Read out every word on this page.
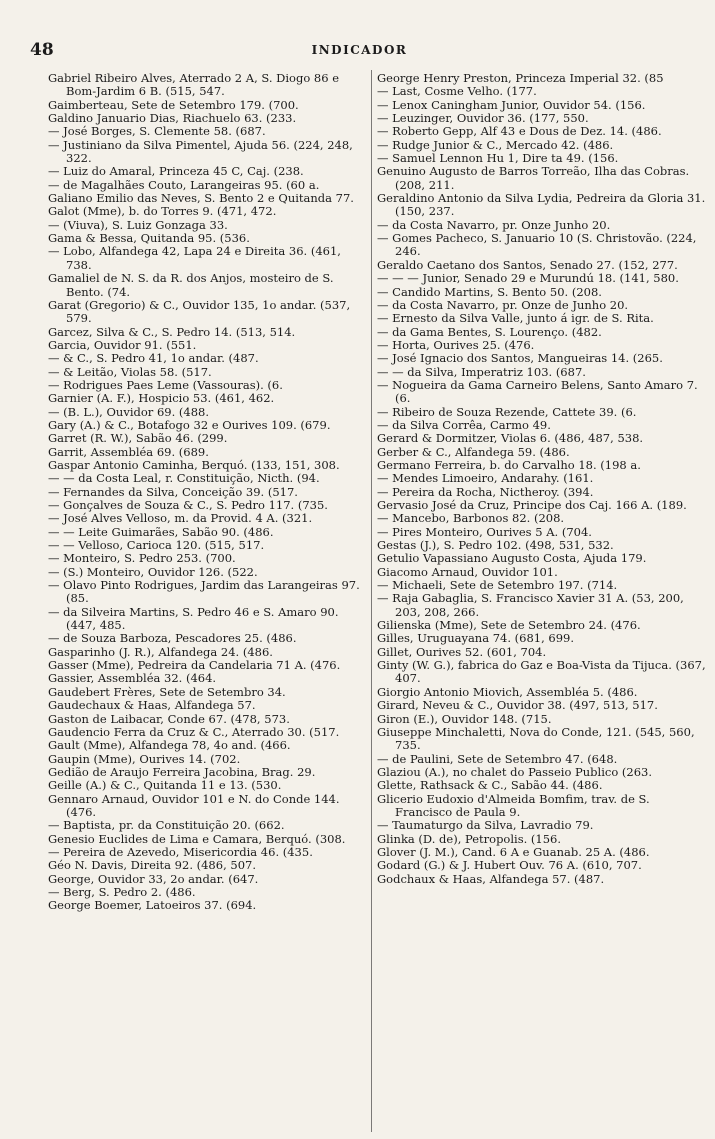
48	INDICADOR
Gabriel Ribeiro Alves, Aterrado 2 A, S. Diogo 86 e Bom-Jardim 6 B. (515, 547.
Gaimberteau, Sete de Setembro 179. (700.
Galdino Januario Dias, Riachuelo 63. (233.
— José Borges, S. Clemente 58. (687.
— Justiniano da Silva Pimentel, Ajuda 56. (224, 248, 322.
— Luiz do Amaral, Princeza 45 C, Caj. (238.
— de Magalhães Couto, Larangeiras 95. (60 a.
Galiano Emilio das Neves, S. Bento 2 e Quitanda 77.
Galot (Mme), b. do Torres 9. (471, 472.
— (Viuva), S. Luiz Gonzaga 33.
Gama & Bessa, Quitanda 95. (536.
— Lobo, Alfandega 42, Lapa 24 e Direita 36. (461, 738.
Gamaliel de N. S. da R. dos Anjos, mosteiro de S. Bento. (74.
Garat (Gregorio) & C., Ouvidor 135, 1o andar. (537, 579.
Garcez, Silva & C., S. Pedro 14. (513, 514.
Garcia, Ouvidor 91. (551.
— & C., S. Pedro 41, 1o andar. (487.
— & Leitão, Violas 58. (517.
— Rodrigues Paes Leme (Vassouras). (6.
Garnier (A. F.), Hospicio 53. (461, 462.
— (B. L.), Ouvidor 69. (488.
Gary (A.) & C., Botafogo 32 e Ourives 109. (679.
Garret (R. W.), Sabão 46. (299.
Garrit, Assembléa 69. (689.
Gaspar Antonio Caminha, Berquó. (133, 151, 308.
— — da Costa Leal, r. Constituição, Nicth. (94.
— Fernandes da Silva, Conceição 39. (517.
— Gonçalves de Souza & C., S. Pedro 117. (735.
— José Alves Velloso, m. da Provid. 4 A. (321.
— — Leite Guimarães, Sabão 90. (486.
— — Velloso, Carioca 120. (515, 517.
— Monteiro, S. Pedro 253. (700.
— (S.) Monteiro, Ouvidor 126. (522.
— Olavo Pinto Rodrigues, Jardim das Larangeiras 97. (85.
— da Silveira Martins, S. Pedro 46 e S. Amaro 90. (447, 485.
— de Souza Barboza, Pescadores 25. (486.
Gasparinho (J. R.), Alfandega 24. (486.
Gasser (Mme), Pedreira da Candelaria 71 A. (476.
Gassier, Assembléa 32. (464.
Gaudebert Frères, Sete de Setembro 34.
Gaudechaux & Haas, Alfandega 57.
Gaston de Laibacar, Conde 67. (478, 573.
Gaudencio Ferra da Cruz & C., Aterrado 30. (517.
Gault (Mme), Alfandega 78, 4o and. (466.
Gaupin (Mme), Ourives 14. (702.
Gedião de Araujo Ferreira Jacobina, Brag. 29.
Geille (A.) & C., Quitanda 11 e 13. (530.
Gennaro Arnaud, Ouvidor 101 e N. do Conde 144. (476.
— Baptista, pr. da Constituição 20. (662.
Genesio Euclides de Lima e Camara, Berquó. (308.
— Pereira de Azevedo, Misericordia 46. (435.
Géo N. Davis, Direita 92. (486, 507.
George, Ouvidor 33, 2o andar. (647.
— Berg, S. Pedro 2. (486.
George Boemer, Latoeiros 37. (694.
George Henry Preston, Princeza Imperial 32. (85
— Last, Cosme Velho. (177.
— Lenox Caningham Junior, Ouvidor 54. (156.
— Leuzinger, Ouvidor 36. (177, 550.
— Roberto Gepp, Alf 43 e Dous de Dez. 14. (486.
— Rudge Junior & C., Mercado 42. (486.
— Samuel Lennon Hu 1, Dire ta 49. (156.
Genuino Augusto de Barros Torreão, Ilha das Cobras. (208, 211.
Geraldino Antonio da Silva Lydia, Pedreira da Gloria 31. (150, 237.
— da Costa Navarro, pr. Onze Junho 20.
— Gomes Pacheco, S. Januario 10 (S. Christovão. (224, 246.
Geraldo Caetano dos Santos, Senado 27. (152, 277.
— — — Junior, Senado 29 e Murundú 18. (141, 580.
— Candido Martins, S. Bento 50. (208.
— da Costa Navarro, pr. Onze de Junho 20.
— Ernesto da Silva Valle, junto á igr. de S. Rita.
— da Gama Bentes, S. Lourenço. (482.
— Horta, Ourives 25. (476.
— José Ignacio dos Santos, Mangueiras 14. (265.
— — da Silva, Imperatriz 103. (687.
— Nogueira da Gama Carneiro Belens, Santo Amaro 7. (6.
— Ribeiro de Souza Rezende, Cattete 39. (6.
— da Silva Corrêa, Carmo 49.
Gerard & Dormitzer, Violas 6. (486, 487, 538.
Gerber & C., Alfandega 59. (486.
Germano Ferreira, b. do Carvalho 18. (198 a.
— Mendes Limoeiro, Andarahy. (161.
— Pereira da Rocha, Nictheroy. (394.
Gervasio José da Cruz, Principe dos Caj. 166 A. (189.
— Mancebo, Barbonos 82. (208.
— Pires Monteiro, Ourives 5 A. (704.
Gestas (J.), S. Pedro 102. (498, 531, 532.
Getulio Vapassiano Augusto Costa, Ajuda 179.
Giacomo Arnaud, Ouvidor 101.
— Michaeli, Sete de Setembro 197. (714.
— Raja Gabaglia, S. Francisco Xavier 31 A. (53, 200, 203, 208, 266.
Gilienska (Mme), Sete de Setembro 24. (476.
Gilles, Uruguayana 74. (681, 699.
Gillet, Ourives 52. (601, 704.
Ginty (W. G.), fabrica do Gaz e Boa-Vista da Tijuca. (367, 407.
Giorgio Antonio Miovich, Assembléa 5. (486.
Girard, Neveu & C., Ouvidor 38. (497, 513, 517.
Giron (E.), Ouvidor 148. (715.
Giuseppe Minchaletti, Nova do Conde, 121. (545, 560, 735.
— de Paulini, Sete de Setembro 47. (648.
Glaziou (A.), no chalet do Passeio Publico (263.
Glette, Rathsack & C., Sabão 44. (486.
Glicerio Eudoxio d'Almeida Bomfim, trav. de S. Francisco de Paula 9.
— Taumaturgo da Silva, Lavradio 79.
Glinka (D. de), Petropolis. (156.
Glover (J. M.), Cand. 6 A e Guanab. 25 A. (486.
Godard (G.) & J. Hubert Ouv. 76 A. (610, 707.
Godchaux & Haas, Alfandega 57. (487.
